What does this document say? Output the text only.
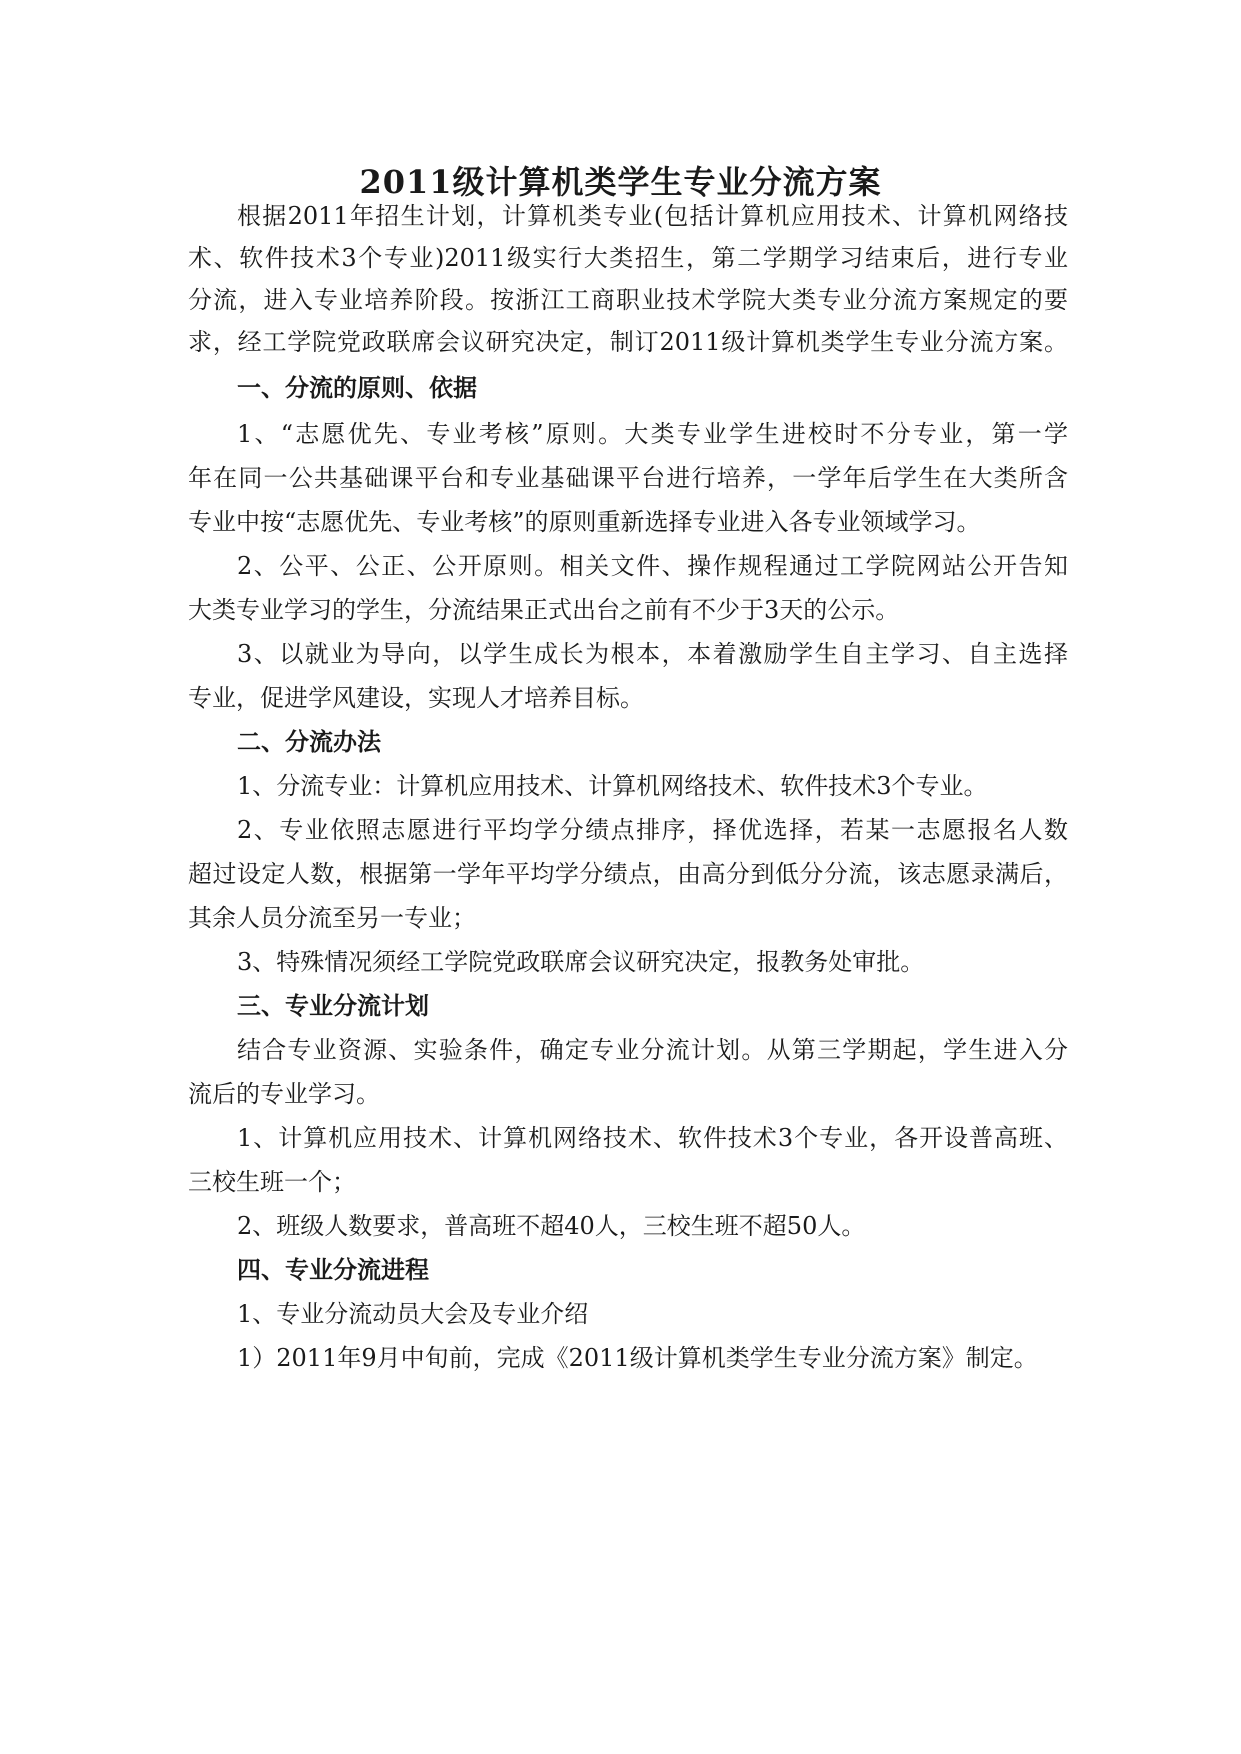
2011级计算机类学生专业分流方案

根据2011年招生计划，计算机类专业(包括计算机应用技术、计算机网络技

术、软件技术3个专业)2011级实行大类招生，第二学期学习结束后，进行专业

分流，进入专业培养阶段。按浙江工商职业技术学院大类专业分流方案规定的要

求，经工学院党政联席会议研究决定，制订2011级计算机类学生专业分流方案。

一、分流的原则、依据

1、“志愿优先、专业考核”原则。大类专业学生进校时不分专业，第一学

年在同一公共基础课平台和专业基础课平台进行培养，一学年后学生在大类所含

专业中按“志愿优先、专业考核”的原则重新选择专业进入各专业领域学习。

2、公平、公正、公开原则。相关文件、操作规程通过工学院网站公开告知

大类专业学习的学生，分流结果正式出台之前有不少于3天的公示。

3、以就业为导向，以学生成长为根本，本着激励学生自主学习、自主选择

专业，促进学风建设，实现人才培养目标。

二、分流办法

1、分流专业：计算机应用技术、计算机网络技术、软件技术3个专业。

2、专业依照志愿进行平均学分绩点排序，择优选择，若某一志愿报名人数

超过设定人数，根据第一学年平均学分绩点，由高分到低分分流，该志愿录满后，

其余人员分流至另一专业；

3、特殊情况须经工学院党政联席会议研究决定，报教务处审批。

三、专业分流计划

结合专业资源、实验条件，确定专业分流计划。从第三学期起，学生进入分

流后的专业学习。

1、计算机应用技术、计算机网络技术、软件技术3个专业，各开设普高班、

三校生班一个；

2、班级人数要求，普高班不超40人，三校生班不超50人。

四、专业分流进程

1、专业分流动员大会及专业介绍

1）2011年9月中旬前，完成《2011级计算机类学生专业分流方案》制定。
